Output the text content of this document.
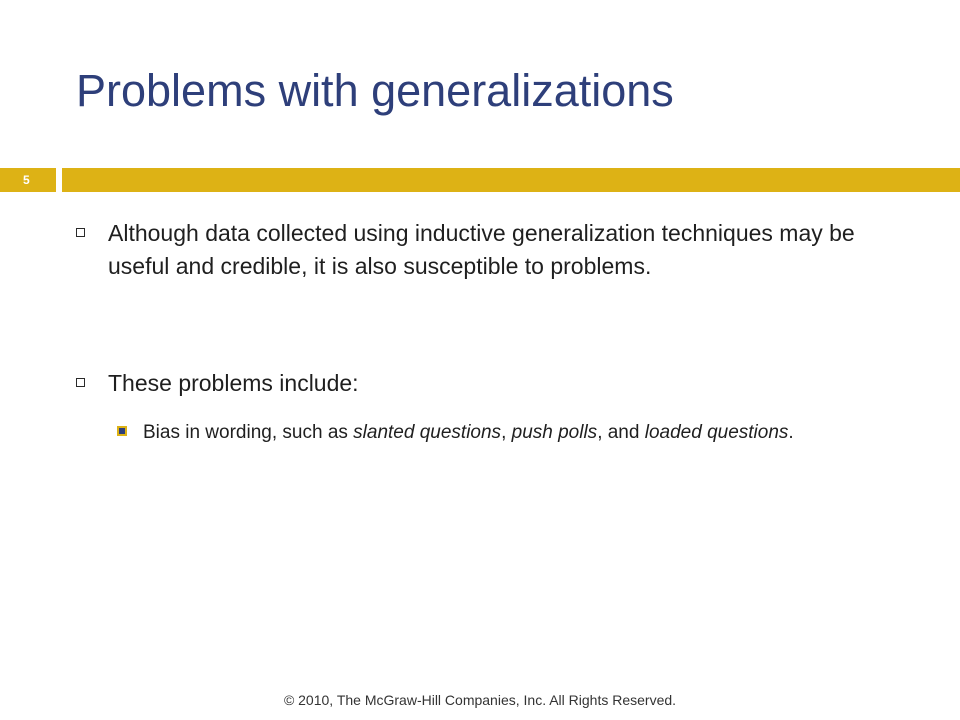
Problems with generalizations
5
Although data collected using inductive generalization techniques may be useful and credible, it is also susceptible to problems.
These problems include:
Bias in wording, such as slanted questions, push polls, and loaded questions.
© 2010, The McGraw-Hill Companies, Inc. All Rights Reserved.
